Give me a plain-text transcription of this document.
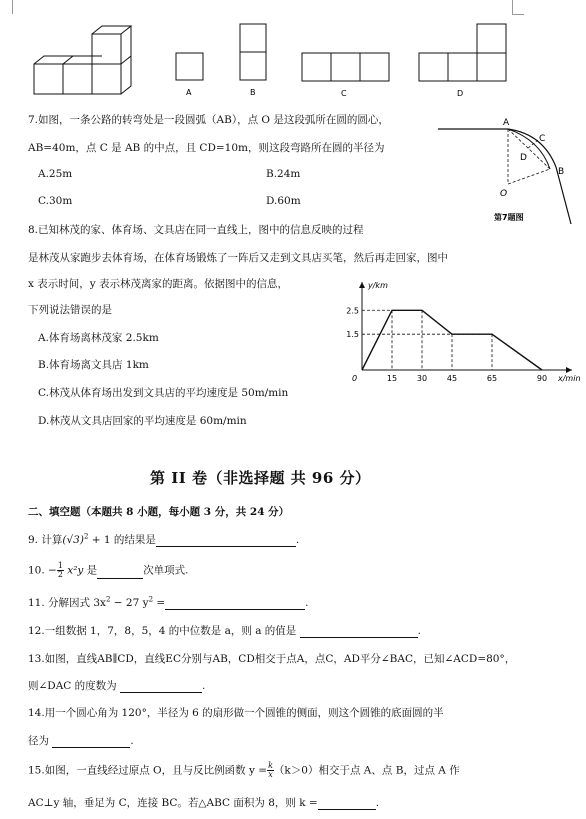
A	B	C	D
7.如图，一条公路的转弯处是一段圆弧（AB），点 O 是这段弧所在圆的圆心，
AB=40m，点 C 是 AB 的中点，且 CD=10m，则这段弯路所在圆的半径为
A.25m	B.24m
C.30m	D.60m
A
C
D
B
O
第7题图
8.已知林茂的家、体育场、文具店在同一直线上，图中的信息反映的过程
是林茂从家跑步去体育场，在体育场锻炼了一阵后又走到文具店买笔，然后再走回家，图中
x 表示时间，y 表示林茂离家的距离。依据图中的信息，
下列说法错误的是
A.体育场离林茂家 2.5km
B.体育场离文具店 1km
C.林茂从体育场出发到文具店的平均速度是 50m/min
D.林茂从文具店回家的平均速度是 60m/min
y/km
x/min
0	15 30 45	65	90
1.5
2.5
第 II 卷（非选择题 共 96 分）
二、填空题（本题共 8 小题，每小题 3 分，共 24 分）
9. 计算$(√3)^2 + 1$ 的结果是	.
10. − $\frac{1}{2} x^2y$ 是	次单项式.
11. 分解因式 $3x^2 - 27$ $y^2$ =	.
12.一组数据 1，7，8，5，4 的中位数是 a，则 a 的值是	.
13.如图，直线AB∥CD，直线EC分别与AB，CD相交于点A，点C，AD平分∠BAC，已知∠ACD=80°，
则∠DAC 的度数为	.
14.用一个圆心角为 120°，半径为 6 的扇形做一个圆锥的侧面，则这个圆锥的底面圆的半
径为	.
15.如图，一直线经过原点 O，且与反比例函数 $y = \frac{k}{x} (k>0)$相交于点 A、点 B，过点 A 作
AC⊥y 轴，垂足为 C，连接 BC。若△ABC 面积为 8，则 k =	.
